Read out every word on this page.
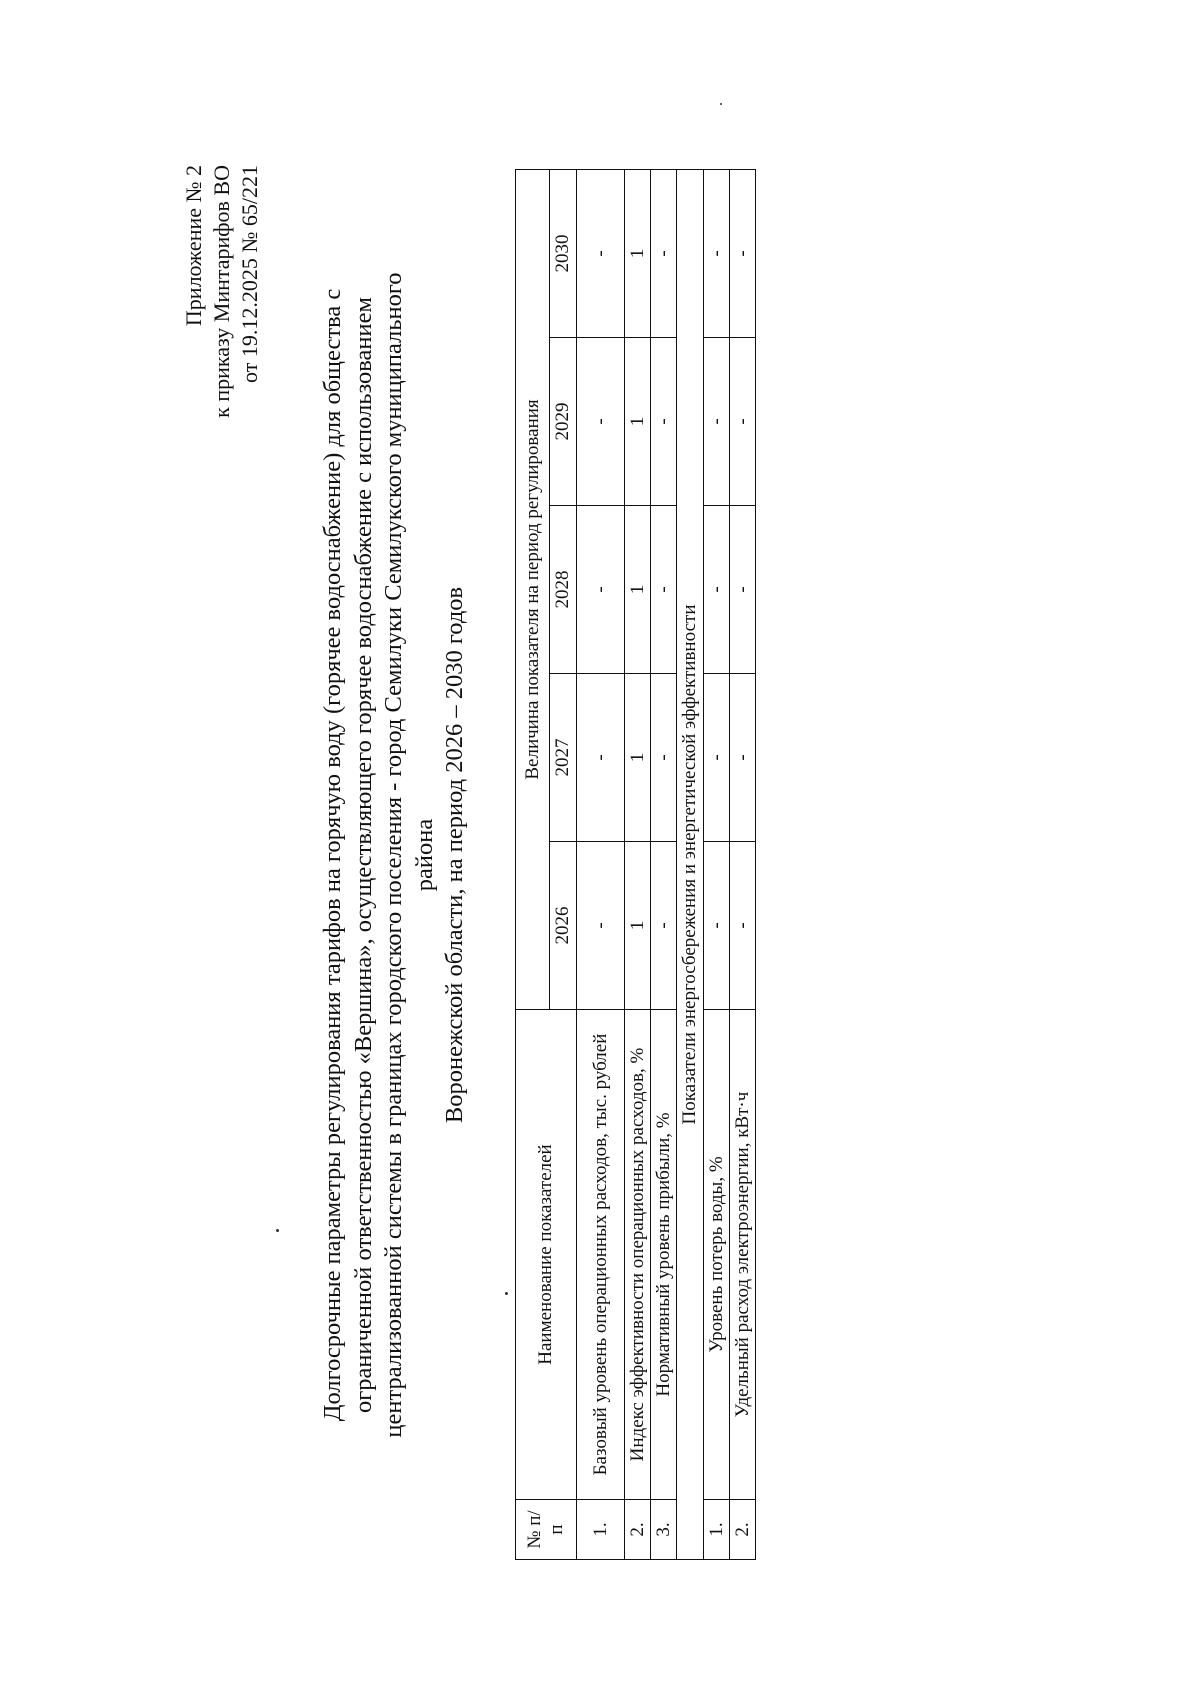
Приложение № 2 к приказу Минтарифов ВО от 19.12.2025 № 65/221
Долгосрочные параметры регулирования тарифов на горячую воду (горячее водоснабжение) для общества с ограниченной ответственностью «Вершина», осуществляющего горячее водоснабжение с использованием централизованной системы в границах городского поселения - город Семилуки Семилукского муниципального района Воронежской области, на период 2026 – 2030 годов
№ п/п	Наименование показателей	Величина показателя на период регулирования				
		2026	2027	2028	2029	2030
1.	Базовый уровень операционных расходов, тыс. рублей	-	-	-	-	-
2.	Индекс эффективности операционных расходов, %	1	1	1	1	1
3.	Нормативный уровень прибыли, %	-	-	-	-	-
Показатели энергосбережения и энергетической эффективности						
1.	Уровень потерь воды, %	-	-	-	-	-
2.	Удельный расход электроэнергии, кВт·ч	-	-	-	-	-
